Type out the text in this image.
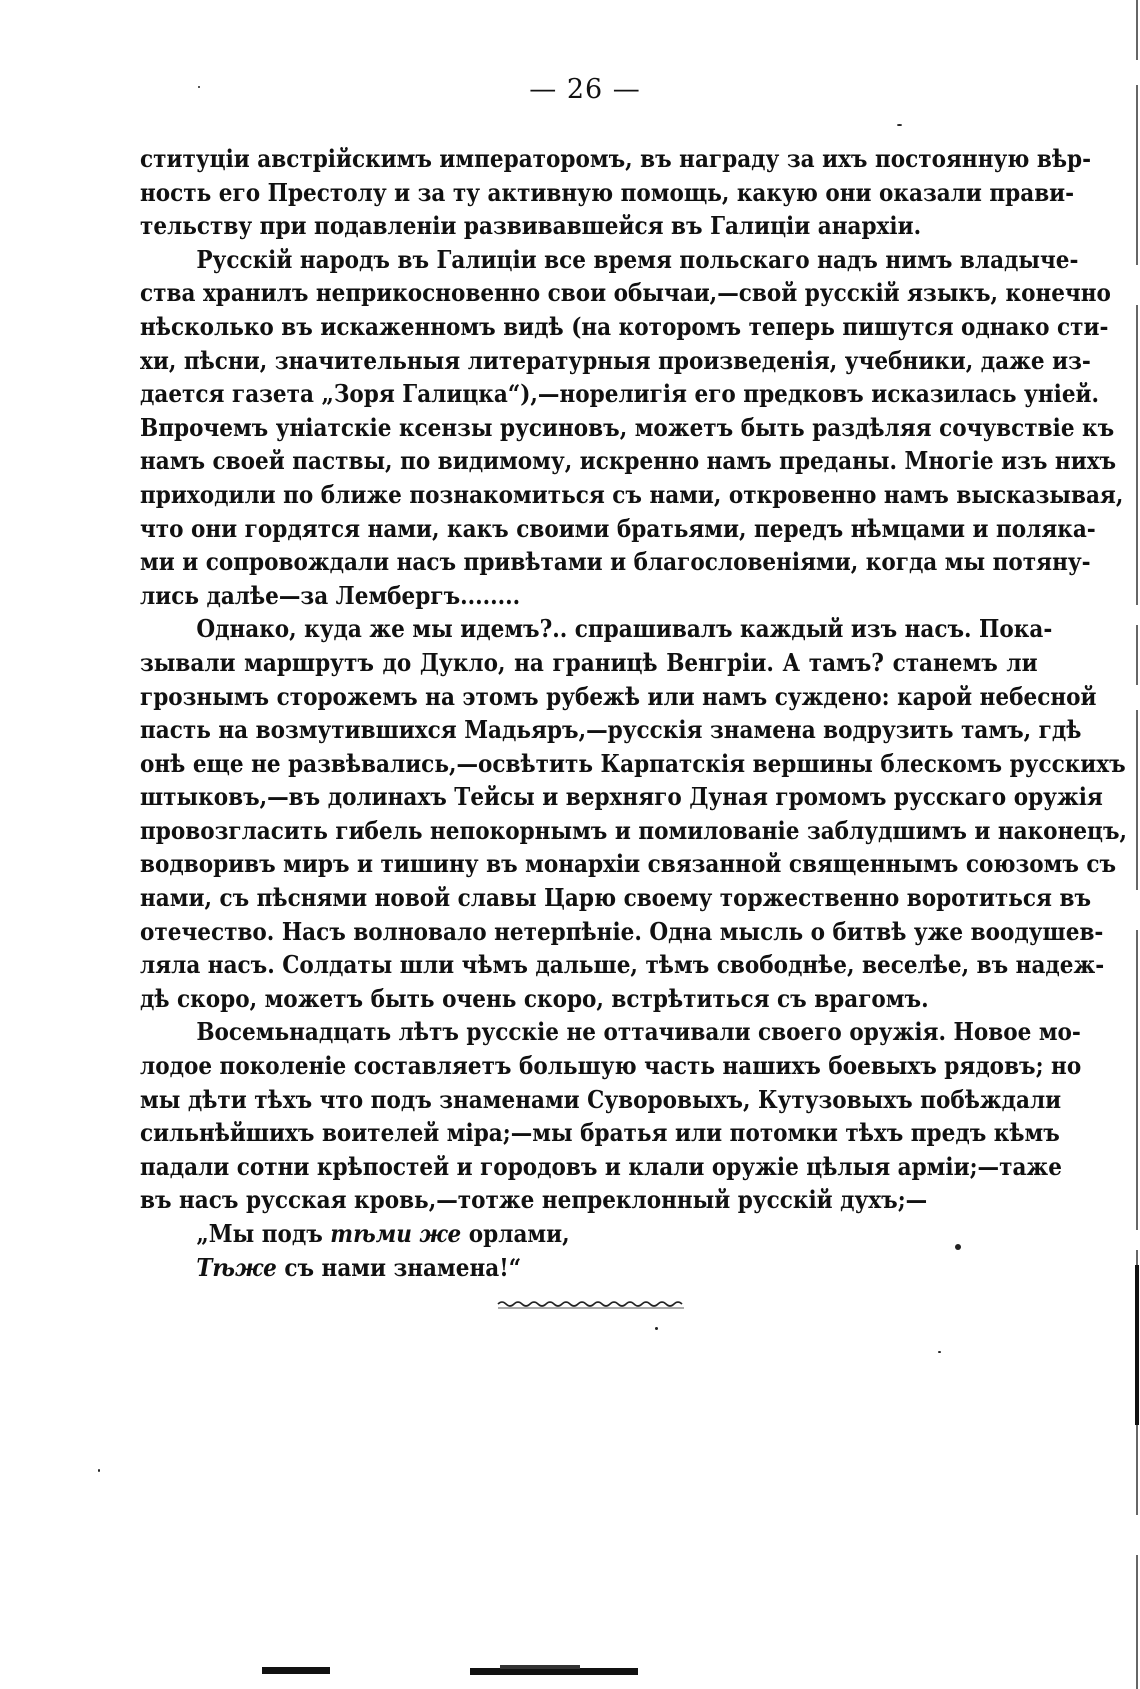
— 26 —

ституціи австрійскимъ императоромъ, въ награду за ихъ постоянную вѣр-
ность его Престолу и за ту активную помощь, какую они оказали прави-
тельству при подавленіи развивавшейся въ Галиціи анархіи.

Русскій народъ въ Галиціи все время польскаго надъ нимъ владыче-
ства хранилъ неприкосновенно свои обычаи,—свой русскій языкъ, конечно
нѣсколько въ искаженномъ видѣ (на которомъ теперь пишутся однако сти-
хи, пѣсни, значительныя литературныя произведенія, учебники, даже из-
дается газета „Зоря Галицка“),—норелигія его предковъ исказилась уніей.
Впрочемъ уніатскіе ксензы русиновъ, можетъ быть раздѣляя сочувствіе къ
намъ своей паствы, по видимому, искренно намъ преданы. Многіе изъ нихъ
приходили по ближе познакомиться съ нами, откровенно намъ высказывая,
что они гордятся нами, какъ своими братьями, передъ нѣмцами и поляка-
ми и сопровождали насъ привѣтами и благословеніями, когда мы потяну-
лись далѣе—за Лембергъ........

Однако, куда же мы идемъ?.. спрашивалъ каждый изъ насъ. Пока-
зывали маршрутъ до Дукло, на границѣ Венгріи. А тамъ? станемъ ли
грознымъ сторожемъ на этомъ рубежѣ или намъ суждено: карой небесной
пасть на возмутившихся Мадьяръ,—русскія знамена водрузить тамъ, гдѣ
онѣ еще не развѣвались,—освѣтить Карпатскія вершины блескомъ русскихъ
штыковъ,—въ долинахъ Тейсы и верхняго Дуная громомъ русскаго оружія
провозгласить гибель непокорнымъ и помилованіе заблудшимъ и наконецъ,
водворивъ миръ и тишину въ монархіи связанной священнымъ союзомъ съ
нами, съ пѣснями новой славы Царю своему торжественно воротиться въ
отечество. Насъ волновало нетерпѣніе. Одна мысль о битвѣ уже воодушев-
ляла насъ. Солдаты шли чѣмъ дальше, тѣмъ свободнѣе, веселѣе, въ надеж-
дѣ скоро, можетъ быть очень скоро, встрѣтиться съ врагомъ.

Восемьнадцать лѣтъ русскіе не оттачивали своего оружія. Новое мо-
лодое поколеніе составляетъ большую часть нашихъ боевыхъ рядовъ; но
мы дѣти тѣхъ что подъ знаменами Суворовыхъ, Кутузовыхъ побѣждали
сильнѣйшихъ воителей міра;—мы братья или потомки тѣхъ предъ кѣмъ
падали сотни крѣпостей и городовъ и клали оружіе цѣлыя арміи;—таже
въ насъ русская кровь,—тотже непреклонный русскій духъ;—

„Мы подъ тѣми же орлами,
Тѣже съ нами знамена!“
